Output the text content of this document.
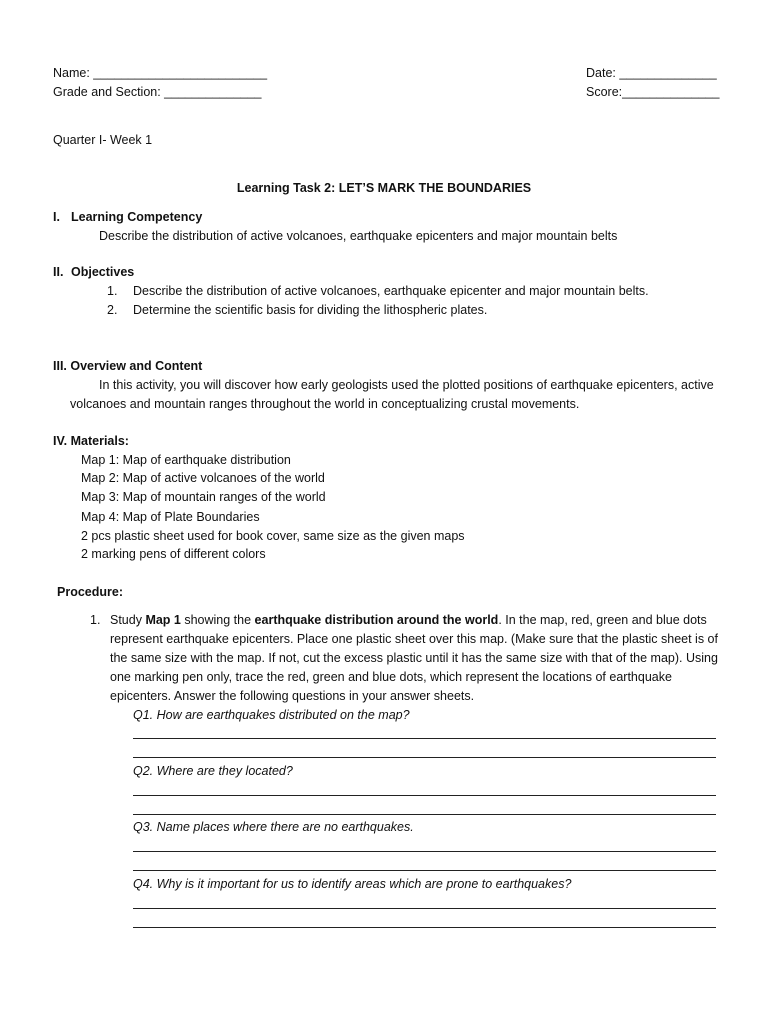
Name: _________________________
Grade and Section: ______________
Date: ______________
Score:______________
Quarter I- Week 1
Learning Task 2: LET’S MARK THE BOUNDARIES
I. Learning Competency
Describe the distribution of active volcanoes, earthquake epicenters and major mountain belts
II. Objectives
1. Describe the distribution of active volcanoes, earthquake epicenter and major mountain belts.
2. Determine the scientific basis for dividing the lithospheric plates.
III. Overview and Content
In this activity, you will discover how early geologists used the plotted positions of earthquake epicenters, active
volcanoes and mountain ranges throughout the world in conceptualizing crustal movements.
IV. Materials:
Map 1: Map of earthquake distribution
Map 2: Map of active volcanoes of the world
Map 3: Map of mountain ranges of the world
Map 4: Map of Plate Boundaries
2 pcs plastic sheet used for book cover, same size as the given maps
2 marking pens of different colors
Procedure:
1. Study Map 1 showing the earthquake distribution around the world. In the map, red, green and blue dots represent earthquake epicenters. Place one plastic sheet over this map. (Make sure that the plastic sheet is of the same size with the map. If not, cut the excess plastic until it has the same size with that of the map). Using one marking pen only, trace the red, green and blue dots, which represent the locations of earthquake epicenters. Answer the following questions in your answer sheets.
Q1. How are earthquakes distributed on the map?
Q2. Where are they located?
Q3. Name places where there are no earthquakes.
Q4. Why is it important for us to identify areas which are prone to earthquakes?
